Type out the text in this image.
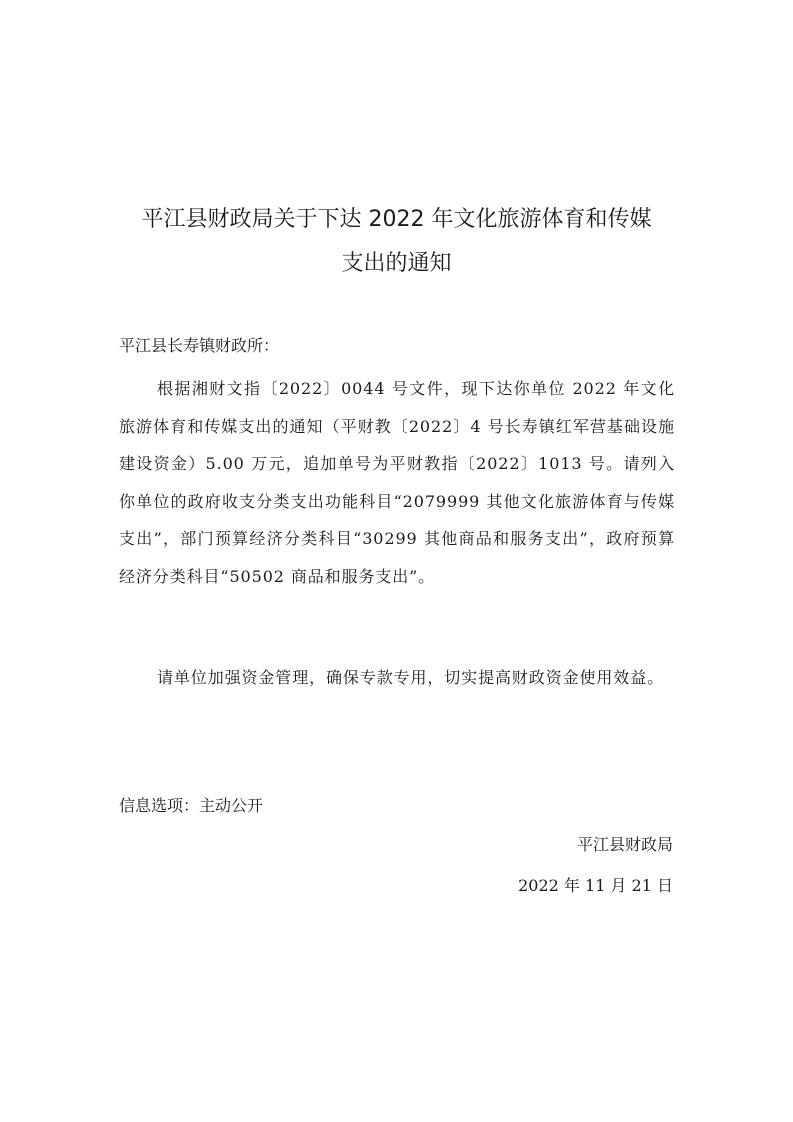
平江县财政局关于下达 2022 年文化旅游体育和传媒
支出的通知

平江县长寿镇财政所：

根据湘财文指〔2022〕0044 号文件，现下达你单位 2022 年文化旅游体育和传媒支出的通知（平财教〔2022〕4 号长寿镇红军营基础设施建设资金）5.00 万元，追加单号为平财教指〔2022〕1013 号。请列入你单位的政府收支分类支出功能科目“2079999 其他文化旅游体育与传媒支出”，部门预算经济分类科目“30299 其他商品和服务支出”，政府预算经济分类科目“50502 商品和服务支出”。

请单位加强资金管理，确保专款专用，切实提高财政资金使用效益。

信息选项：主动公开

平江县财政局

2022 年 11 月 21 日
